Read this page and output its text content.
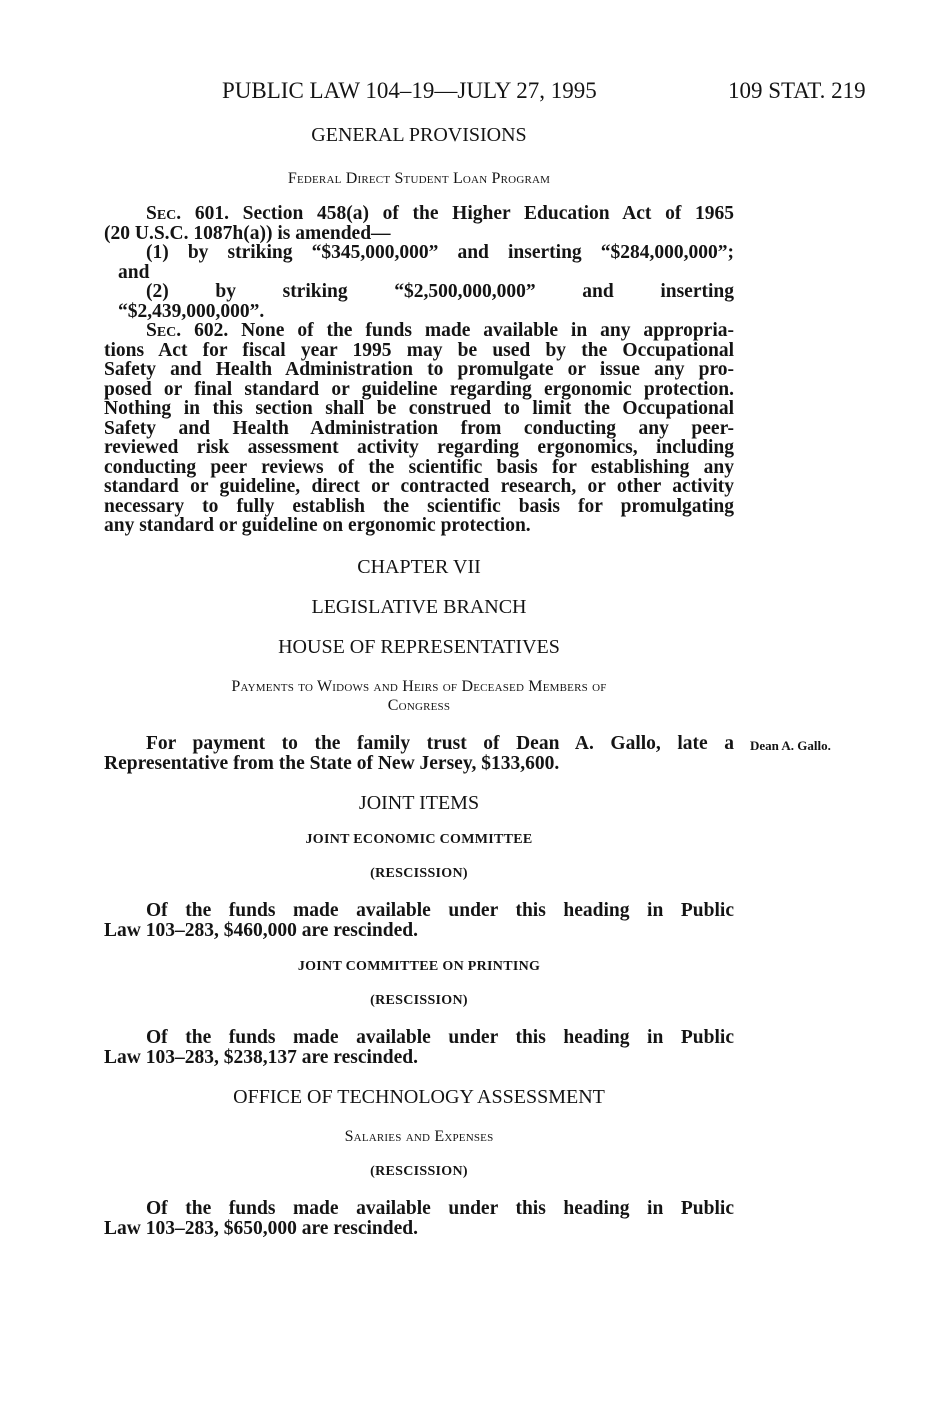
PUBLIC LAW 104–19—JULY 27, 1995	109 STAT. 219
GENERAL PROVISIONS
Federal Direct Student Loan Program
Sec. 601. Section 458(a) of the Higher Education Act of 1965
(20 U.S.C. 1087h(a)) is amended—
(1) by striking “$345,000,000” and inserting “$284,000,000”;
and
(2) by striking “$2,500,000,000” and inserting
“$2,439,000,000”.
Sec. 602. None of the funds made available in any appropria-
tions Act for fiscal year 1995 may be used by the Occupational
Safety and Health Administration to promulgate or issue any pro-
posed or final standard or guideline regarding ergonomic protection.
Nothing in this section shall be construed to limit the Occupational
Safety and Health Administration from conducting any peer-
reviewed risk assessment activity regarding ergonomics, including
conducting peer reviews of the scientific basis for establishing any
standard or guideline, direct or contracted research, or other activity
necessary to fully establish the scientific basis for promulgating
any standard or guideline on ergonomic protection.
CHAPTER VII
LEGISLATIVE BRANCH
HOUSE OF REPRESENTATIVES
Payments to Widows and Heirs of Deceased Members of
Congress
For payment to the family trust of Dean A. Gallo, late a
Representative from the State of New Jersey, $133,600.
Dean A. Gallo.
JOINT ITEMS
JOINT ECONOMIC COMMITTEE
(RESCISSION)
Of the funds made available under this heading in Public
Law 103–283, $460,000 are rescinded.
JOINT COMMITTEE ON PRINTING
(RESCISSION)
Of the funds made available under this heading in Public
Law 103–283, $238,137 are rescinded.
OFFICE OF TECHNOLOGY ASSESSMENT
Salaries and Expenses
(RESCISSION)
Of the funds made available under this heading in Public
Law 103–283, $650,000 are rescinded.
